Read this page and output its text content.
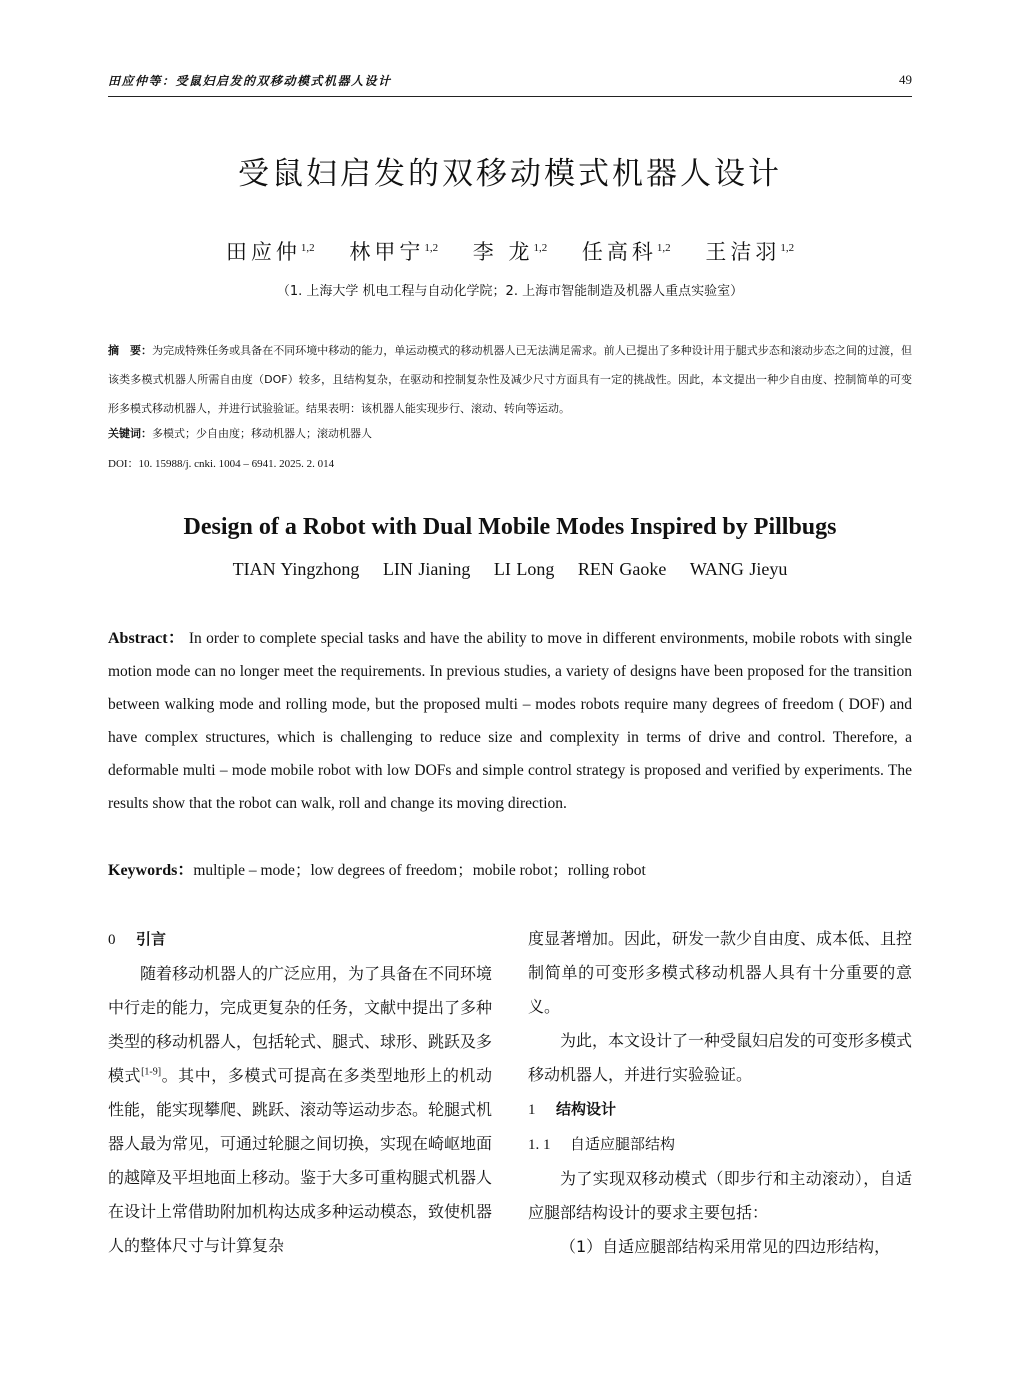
田应仲等：受鼠妇启发的双移动模式机器人设计	49
受鼠妇启发的双移动模式机器人设计
田应仲$^{1,2}$ 林甲宁$^{1,2}$ 李 龙$^{1,2}$ 任高科$^{1,2}$ 王洁羽$^{1,2}$
（1. 上海大学 机电工程与自动化学院；2. 上海市智能制造及机器人重点实验室）
摘　要：为完成特殊任务或具备在不同环境中移动的能力，单运动模式的移动机器人已无法满足需求。前人已提出了多种设计用于腿式步态和滚动步态之间的过渡，但该类多模式机器人所需自由度（DOF）较多，且结构复杂，在驱动和控制复杂性及减少尺寸方面具有一定的挑战性。因此，本文提出一种少自由度、控制简单的可变形多模式移动机器人，并进行试验验证。结果表明：该机器人能实现步行、滚动、转向等运动。
关键词：多模式；少自由度；移动机器人；滚动机器人
DOI：10. 15988/j. cnki. 1004 – 6941. 2025. 2. 014
Design of a Robot with Dual Mobile Modes Inspired by Pillbugs
TIAN Yingzhong LIN Jianing LI Long REN Gaoke WANG Jieyu
Abstract： In order to complete special tasks and have the ability to move in different environments, mobile robots with single motion mode can no longer meet the requirements. In previous studies, a variety of designs have been proposed for the transition between walking mode and rolling mode, but the proposed multi – modes robots require many degrees of freedom ( DOF) and have complex structures, which is challenging to reduce size and complexity in terms of drive and control. Therefore, a deformable multi – mode mobile robot with low DOFs and simple control strategy is proposed and verified by experiments. The results show that the robot can walk, roll and change its moving direction.
Keywords：multiple – mode；low degrees of freedom；mobile robot；rolling robot
0 引言

随着移动机器人的广泛应用，为了具备在不同环境中行走的能力，完成更复杂的任务，文献中提出了多种类型的移动机器人，包括轮式、腿式、球形、跳跃及多模式[1-9]。其中，多模式可提高在多类型地形上的机动性能，能实现攀爬、跳跃、滚动等运动步态。轮腿式机器人最为常见，可通过轮腿之间切换，实现在崎岖地面的越障及平坦地面上移动。鉴于大多可重构腿式机器人在设计上常借助附加机构达成多种运动模态，致使机器人的整体尺寸与计算复杂

度显著增加。因此，研发一款少自由度、成本低、且控制简单的可变形多模式移动机器人具有十分重要的意义。

为此，本文设计了一种受鼠妇启发的可变形多模式移动机器人，并进行实验验证。

1 结构设计
1. 1 自适应腿部结构

为了实现双移动模式（即步行和主动滚动），自适应腿部结构设计的要求主要包括：

（1）自适应腿部结构采用常见的四边形结构，
